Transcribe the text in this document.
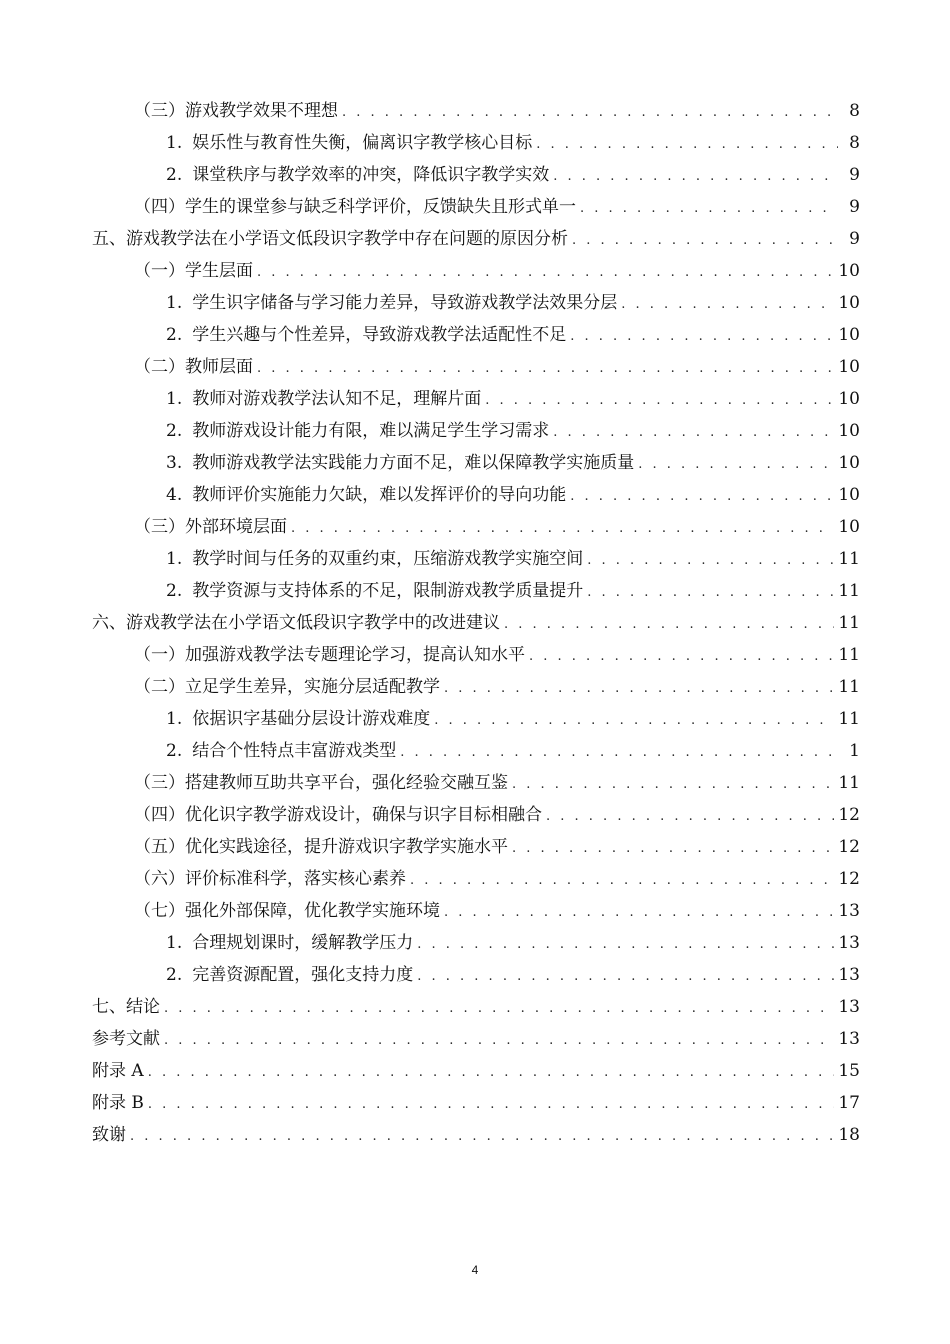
（三）游戏教学效果不理想 . . .	8
1. 娱乐性与教育性失衡，偏离识字教学核心目标 . . .	8
2. 课堂秩序与教学效率的冲突，降低识字教学实效 . . .	9
（四）学生的课堂参与缺乏科学评价，反馈缺失且形式单一 . . .	9
五、游戏教学法在小学语文低段识字教学中存在问题的原因分析 . . .	9
（一）学生层面 . . .	10
1. 学生识字储备与学习能力差异，导致游戏教学法效果分层 . . .	10
2. 学生兴趣与个性差异，导致游戏教学法适配性不足 . . .	10
（二）教师层面 . . .	10
1. 教师对游戏教学法认知不足，理解片面 . . .	10
2. 教师游戏设计能力有限，难以满足学生学习需求 . . .	10
3. 教师游戏教学法实践能力方面不足，难以保障教学实施质量 . . .	10
4. 教师评价实施能力欠缺，难以发挥评价的导向功能 . . .	10
（三）外部环境层面 . . .	10
1. 教学时间与任务的双重约束，压缩游戏教学实施空间 . . .	11
2. 教学资源与支持体系的不足，限制游戏教学质量提升 . . .	11
六、游戏教学法在小学语文低段识字教学中的改进建议 . . .	11
（一）加强游戏教学法专题理论学习，提高认知水平 . . .	11
（二）立足学生差异，实施分层适配教学 . . .	11
1. 依据识字基础分层设计游戏难度 . . .	11
2. 结合个性特点丰富游戏类型 . . .	1
（三）搭建教师互助共享平台，强化经验交融互鉴 . . .	11
（四）优化识字教学游戏设计，确保与识字目标相融合 . . .	12
（五）优化实践途径，提升游戏识字教学实施水平 . . .	12
（六）评价标准科学，落实核心素养 . . .	12
（七）强化外部保障，优化教学实施环境 . . .	13
1. 合理规划课时，缓解教学压力 . . .	13
2. 完善资源配置，强化支持力度 . . .	13
七、结论 . . .	13
参考文献 . . .	13
附录 A . . .	15
附录 B . . .	17
致谢 . . .	18
4
